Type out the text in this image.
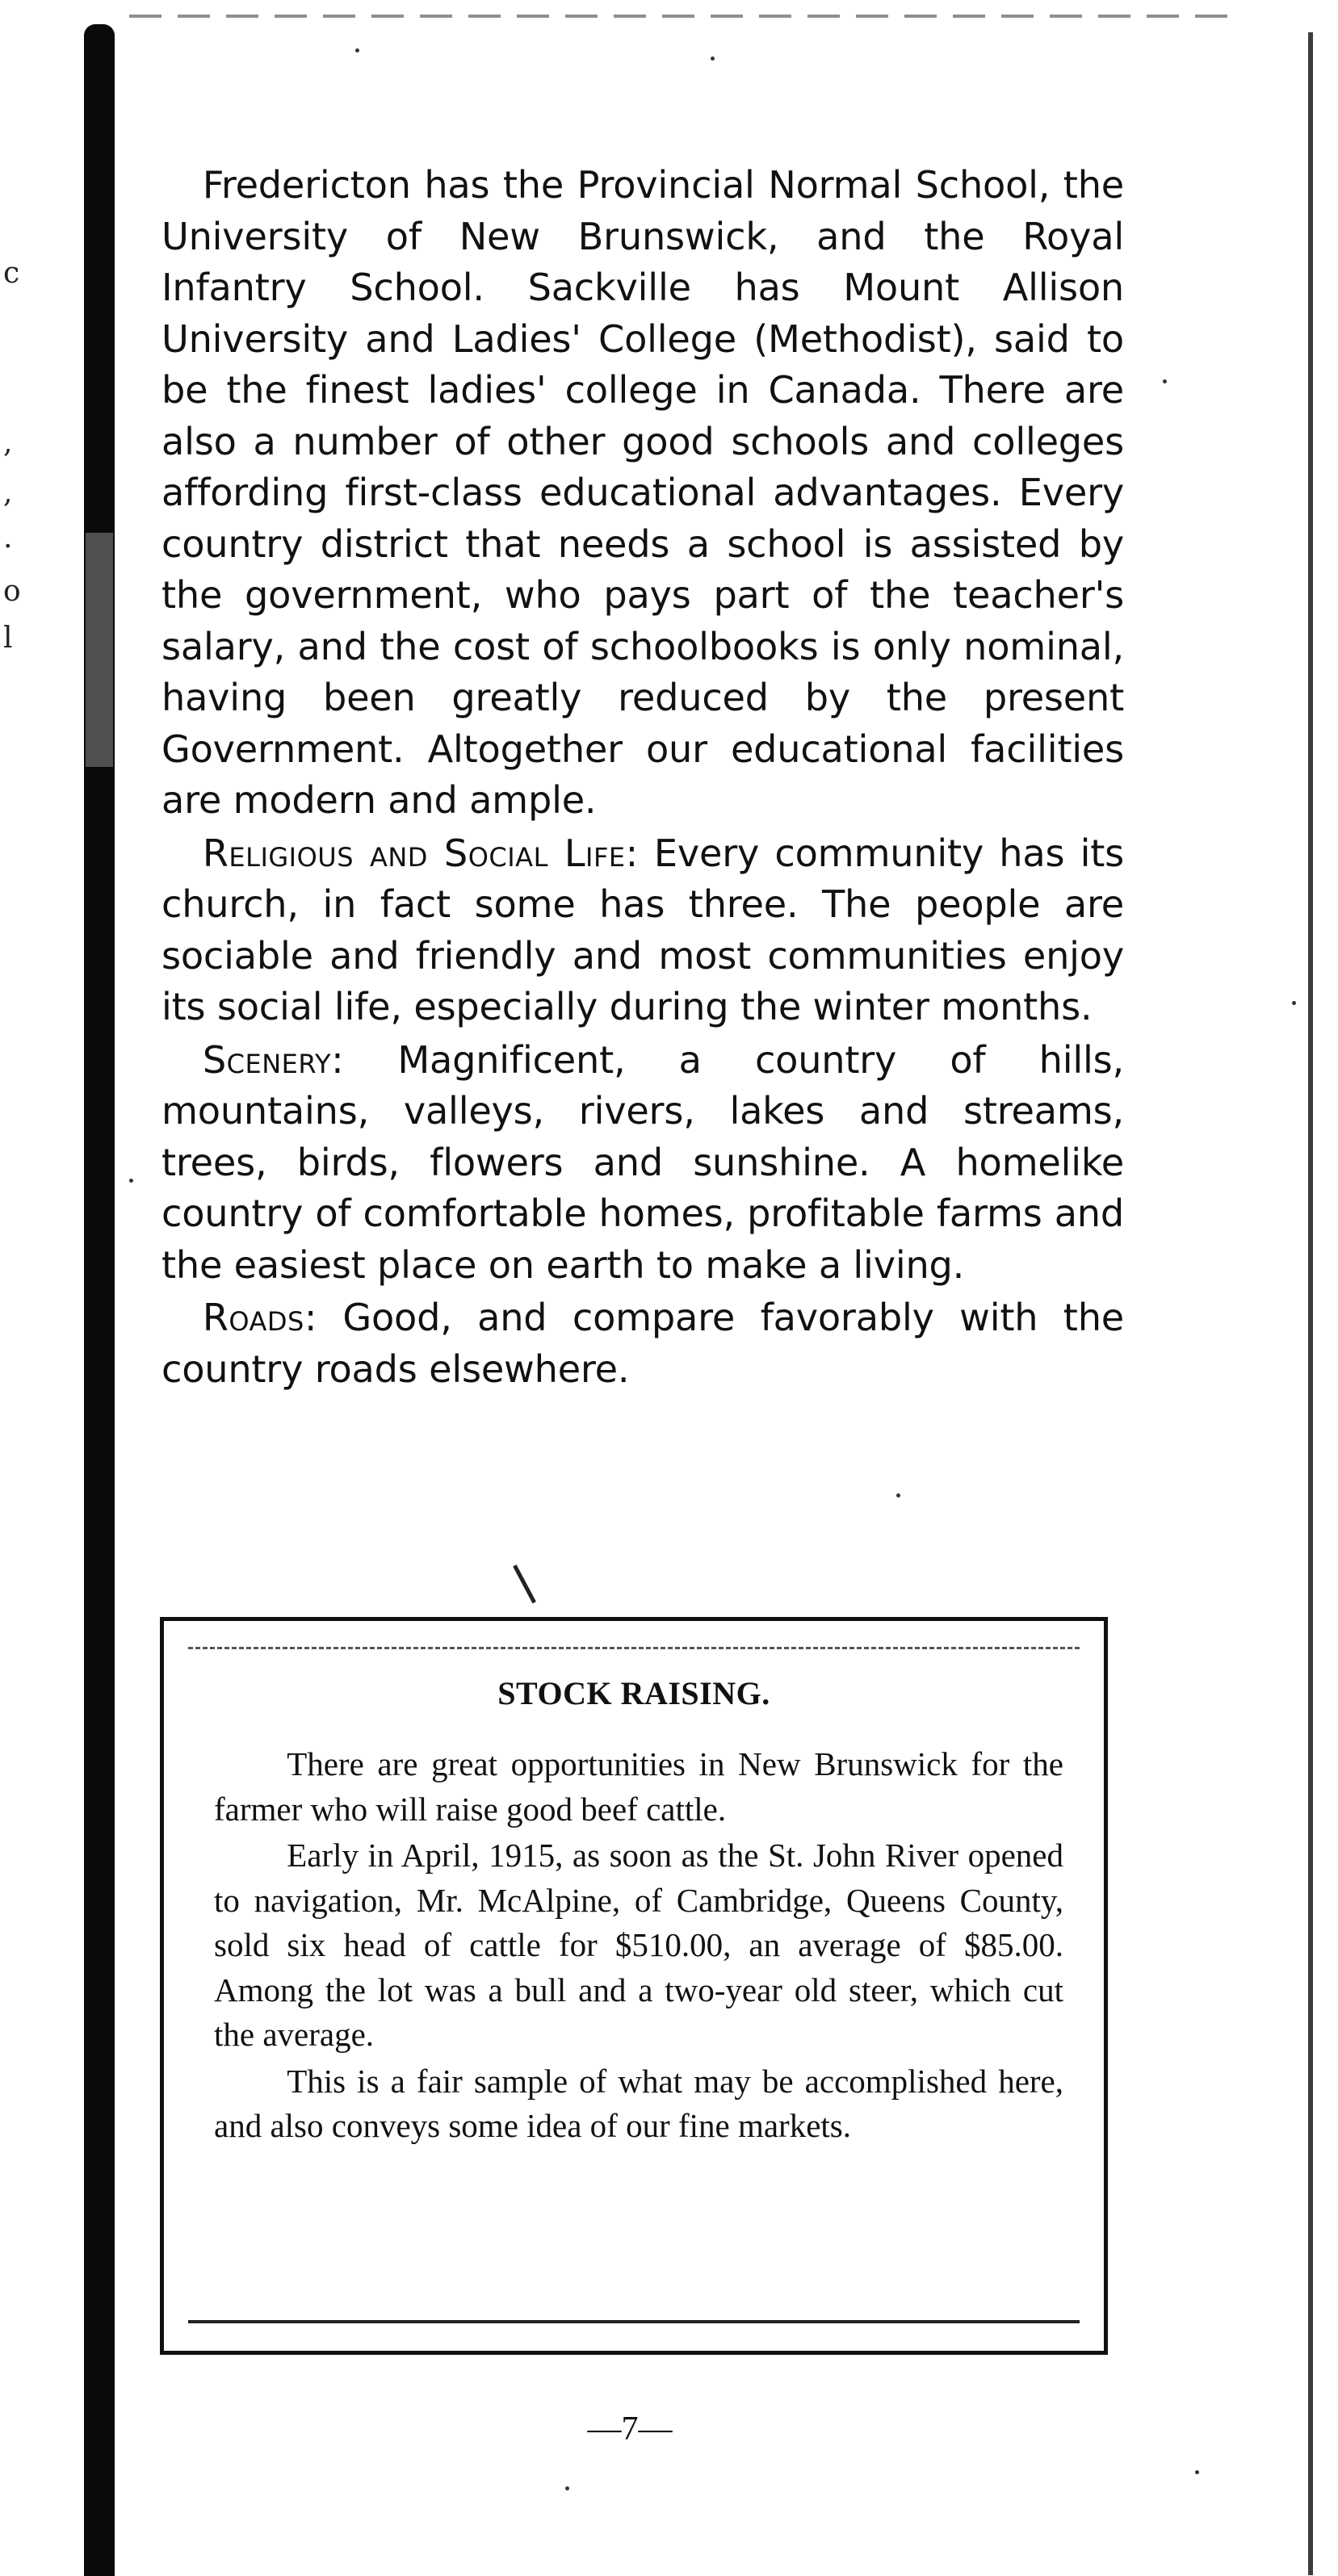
c
,
,
.
o
l

Fredericton has the Provincial Normal School, the University of New Brunswick, and the Royal Infantry School. Sackville has Mount Allison University and Ladies' College (Methodist), said to be the finest ladies' college in Canada. There are also a number of other good schools and colleges affording first-class educational advantages. Every country district that needs a school is assisted by the government, who pays part of the teacher's salary, and the cost of schoolbooks is only nominal, having been greatly reduced by the present Government. Altogether our educational facilities are modern and ample.

Religious and Social Life: Every community has its church, in fact some has three. The people are sociable and friendly and most communities enjoy its social life, especially during the winter months.

Scenery: Magnificent, a country of hills, mountains, valleys, rivers, lakes and streams, trees, birds, flowers and sunshine. A homelike country of comfortable homes, profitable farms and the easiest place on earth to make a living.

Roads: Good, and compare favorably with the country roads elsewhere.

STOCK RAISING.

There are great opportunities in New Brunswick for the farmer who will raise good beef cattle.

Early in April, 1915, as soon as the St. John River opened to navigation, Mr. McAlpine, of Cambridge, Queens County, sold six head of cattle for $510.00, an average of $85.00. Among the lot was a bull and a two-year old steer, which cut the average.

This is a fair sample of what may be accomplished here, and also conveys some idea of our fine markets.

—7—
